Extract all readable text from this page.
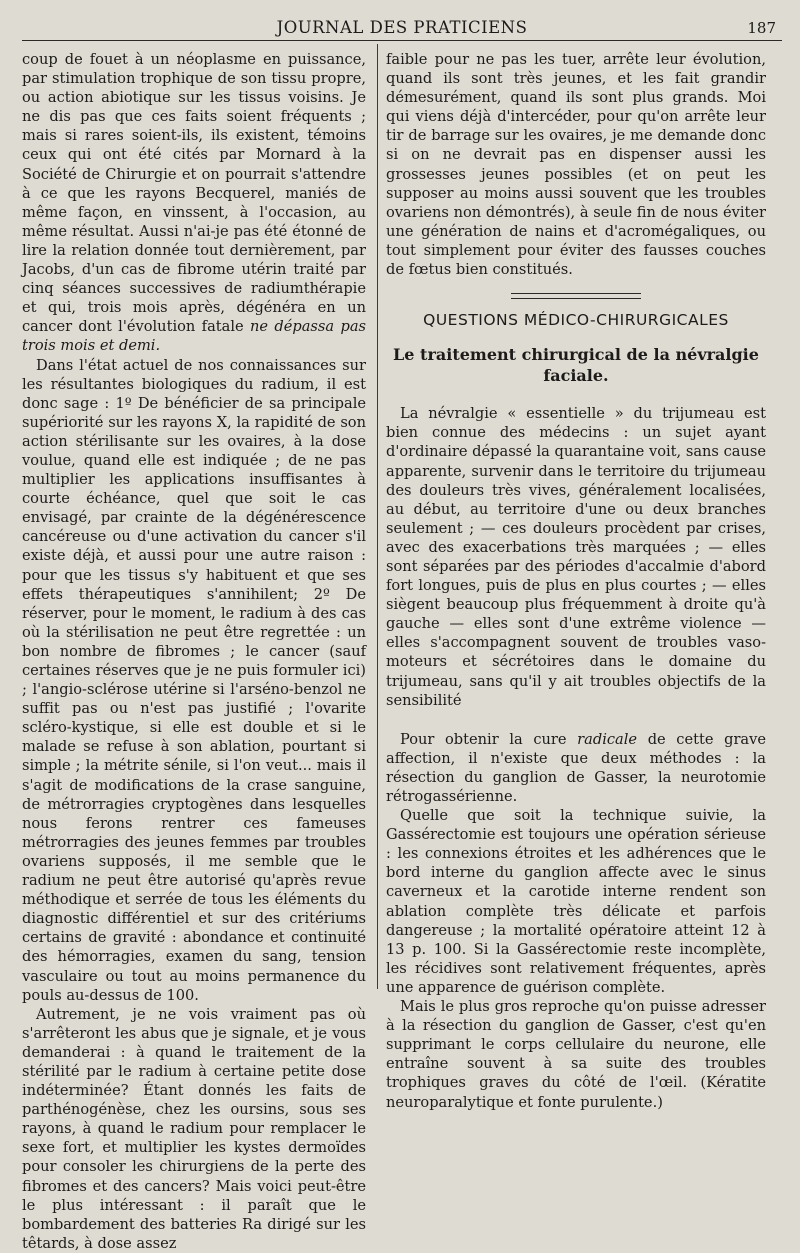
JOURNAL DES PRATICIENS	187

coup de fouet à un néoplasme en puissance, par stimulation trophique de son tissu propre, ou action abiotique sur les tissus voisins. Je ne dis pas que ces faits soient fréquents ; mais si rares soient-ils, ils existent, témoins ceux qui ont été cités par Mornard à la Société de Chirurgie et on pourrait s'attendre à ce que les rayons Becquerel, maniés de même façon, en vinssent, à l'occasion, au même résultat. Aussi n'ai-je pas été étonné de lire la relation donnée tout dernièrement, par Jacobs, d'un cas de fibrome utérin traité par cinq séances successives de radiumthérapie et qui, trois mois après, dégénéra en un cancer dont l'évolution fatale ne dépassa pas trois mois et demi.

Dans l'état actuel de nos connaissances sur les résultantes biologiques du radium, il est donc sage : 1º De bénéficier de sa principale supériorité sur les rayons X, la rapidité de son action stérilisante sur les ovaires, à la dose voulue, quand elle est indiquée ; de ne pas multiplier les applications insuffisantes à courte échéance, quel que soit le cas envisagé, par crainte de la dégénérescence cancéreuse ou d'une activation du cancer s'il existe déjà, et aussi pour une autre raison : pour que les tissus s'y habituent et que ses effets thérapeutiques s'annihilent; 2º De réserver, pour le moment, le radium à des cas où la stérilisation ne peut être regrettée : un bon nombre de fibromes ; le cancer (sauf certaines réserves que je ne puis formuler ici) ; l'angio-sclérose utérine si l'arséno-benzol ne suffit pas ou n'est pas justifié ; l'ovarite scléro-kystique, si elle est double et si le malade se refuse à son ablation, pourtant si simple ; la métrite sénile, si l'on veut... mais il s'agit de modifications de la crase sanguine, de métrorragies cryptogènes dans lesquelles nous ferons rentrer ces fameuses métrorragies des jeunes femmes par troubles ovariens supposés, il me semble que le radium ne peut être autorisé qu'après revue méthodique et serrée de tous les éléments du diagnostic différentiel et sur des critériums certains de gravité : abondance et continuité des hémorragies, examen du sang, tension vasculaire ou tout au moins permanence du pouls au-dessus de 100.

Autrement, je ne vois vraiment pas où s'arrêteront les abus que je signale, et je vous demanderai : à quand le traitement de la stérilité par le radium à certaine petite dose indéterminée? Étant donnés les faits de parthénogénèse, chez les oursins, sous ses rayons, à quand le radium pour remplacer le sexe fort, et multiplier les kystes dermoïdes pour consoler les chirurgiens de la perte des fibromes et des cancers? Mais voici peut-être le plus intéressant : il paraît que le bombardement des batteries Ra dirigé sur les têtards, à dose assez

faible pour ne pas les tuer, arrête leur évolution, quand ils sont très jeunes, et les fait grandir démesurément, quand ils sont plus grands. Moi qui viens déjà d'intercéder, pour qu'on arrête leur tir de barrage sur les ovaires, je me demande donc si on ne devrait pas en dispenser aussi les grossesses jeunes possibles (et on peut les supposer au moins aussi souvent que les troubles ovariens non démontrés), à seule fin de nous éviter une génération de nains et d'acromégaliques, ou tout simplement pour éviter des fausses couches de fœtus bien constitués.

QUESTIONS MÉDICO-CHIRURGICALES
Le traitement chirurgical de la névralgie faciale.

La névralgie « essentielle » du trijumeau est bien connue des médecins : un sujet ayant d'ordinaire dépassé la quarantaine voit, sans cause apparente, survenir dans le territoire du trijumeau des douleurs très vives, généralement localisées, au début, au territoire d'une ou deux branches seulement ; — ces douleurs procèdent par crises, avec des exacerbations très marquées ; — elles sont séparées par des périodes d'accalmie d'abord fort longues, puis de plus en plus courtes ; — elles siègent beaucoup plus fréquemment à droite qu'à gauche — elles sont d'une extrême violence — elles s'accompagnent souvent de troubles vaso-moteurs et sécrétoires dans le domaine du trijumeau, sans qu'il y ait troubles objectifs de la sensibilité

Pour obtenir la cure radicale de cette grave affection, il n'existe que deux méthodes : la résection du ganglion de Gasser, la neurotomie rétrogassérienne.

Quelle que soit la technique suivie, la Gassérectomie est toujours une opération sérieuse : les connexions étroites et les adhérences que le bord interne du ganglion affecte avec le sinus caverneux et la carotide interne rendent son ablation complète très délicate et parfois dangereuse ; la mortalité opératoire atteint 12 à 13 p. 100. Si la Gassérectomie reste incomplète, les récidives sont relativement fréquentes, après une apparence de guérison complète.

Mais le plus gros reproche qu'on puisse adresser à la résection du ganglion de Gasser, c'est qu'en supprimant le corps cellulaire du neurone, elle entraîne souvent à sa suite des troubles trophiques graves du côté de l'œil. (Kératite neuroparalytique et fonte purulente.)
